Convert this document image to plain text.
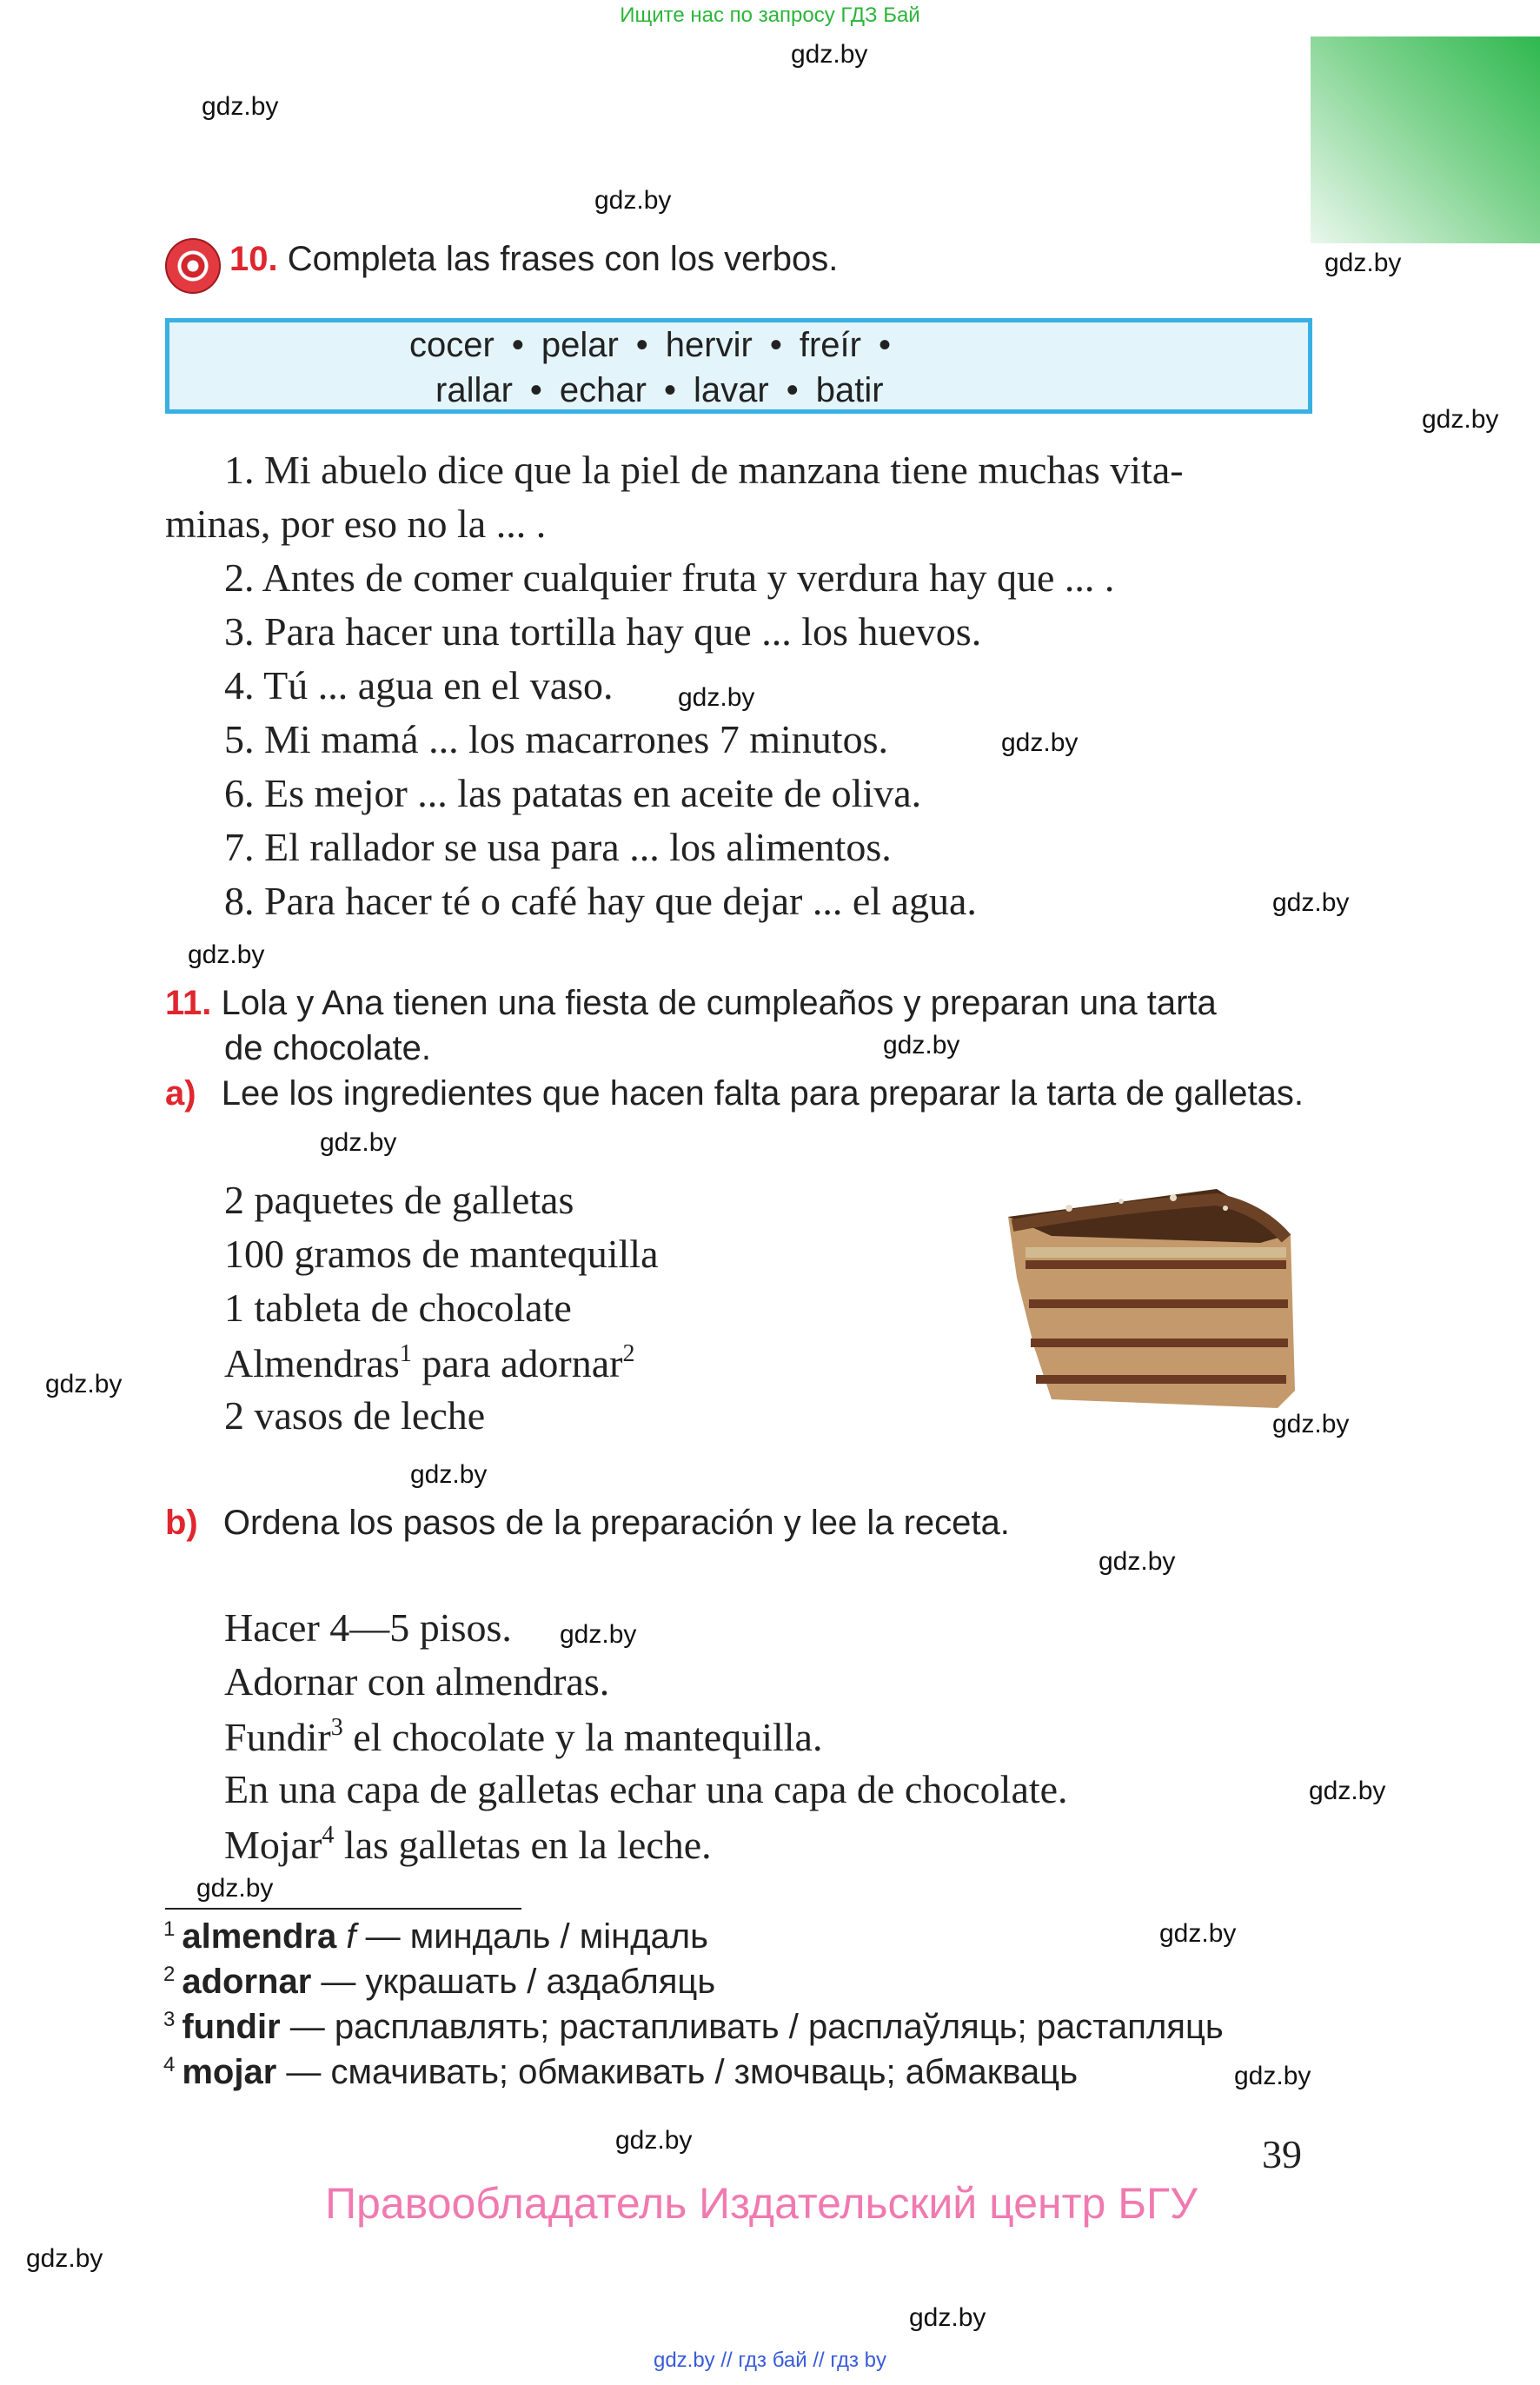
Ищите нас по запросу ГДЗ Бай
gdz.by
gdz.by
gdz.by
gdz.by
gdz.by
gdz.by
gdz.by
gdz.by
gdz.by
gdz.by
gdz.by
gdz.by
gdz.by
gdz.by
gdz.by
gdz.by
gdz.by
gdz.by
gdz.by
gdz.by
gdz.by
gdz.by
gdz.by
10. Completa las frases con los verbos.
cocer • pelar • hervir • freír •
rallar • echar • lavar • batir
1. Mi abuelo dice que la piel de manzana tiene muchas vita-
minas, por eso no la ... .
2. Antes de comer cualquier fruta y verdura hay que ... .
3. Para hacer una tortilla hay que ... los huevos.
4. Tú ... agua en el vaso.
5. Mi mamá ... los macarrones 7 minutos.
6. Es mejor ... las patatas en aceite de oliva.
7. El rallador se usa para ... los alimentos.
8. Para hacer té o café hay que dejar ... el agua.
11. Lola y Ana tienen una fiesta de cumpleaños y preparan una tarta
de chocolate.
a) Lee los ingredientes que hacen falta para preparar la tarta de galletas.
2 paquetes de galletas
100 gramos de mantequilla
1 tableta de chocolate
Almendras$^1$ para adornar$^2$
2 vasos de leche
b) Ordena los pasos de la preparación y lee la receta.
Hacer 4—5 pisos.
Adornar con almendras.
Fundir$^3$ el chocolate y la mantequilla.
En una capa de galletas echar una capa de chocolate.
Mojar$^4$ las galletas en la leche.
$^1$ almendra f — миндаль / міндаль
$^2$ adornar — украшать / аздабляць
$^3$ fundir — расплавлять; растапливать / расплаўляць; растапляць
$^4$ mojar — смачивать; обмакивать / змочваць; абмакваць
39
Правообладатель Издательский центр БГУ
gdz.by // гдз бай // гдз by
